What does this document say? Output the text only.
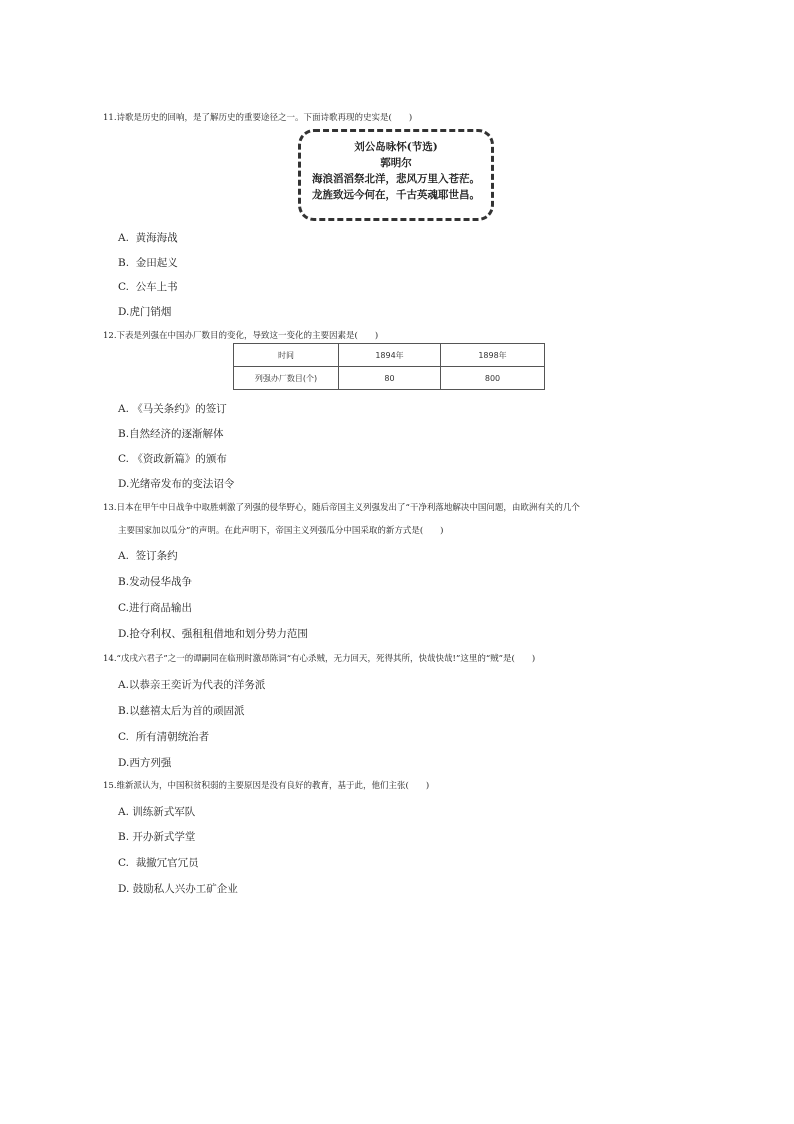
11.诗歌是历史的回响，是了解历史的重要途径之一。下面诗歌再现的史实是(　　)
刘公岛咏怀(节选)
郭明尔
海浪滔滔祭北洋，悲风万里入苍茫。
龙旌致远今何在，千古英魂耶世昌。
A. 黄海海战
B. 金田起义
C. 公车上书
D.虎门销烟
12.下表是列强在中国办厂数目的变化，导致这一变化的主要因素是(　　)
时间	1894年	1898年
列强办厂数目(个)	80	800
A. 《马关条约》的签订
B.自然经济的逐渐解体
C. 《资政新篇》的颁布
D.光绪帝发布的变法诏令
13.日本在甲午中日战争中取胜刺激了列强的侵华野心，随后帝国主义列强发出了“干净利落地解决中国问题，由欧洲有关的几个
主要国家加以瓜分”的声明。在此声明下，帝国主义列强瓜分中国采取的新方式是(　　)
A. 签订条约
B.发动侵华战争
C.进行商品输出
D.抢夺利权、强租租借地和划分势力范围
14.“戊戌六君子”之一的谭嗣同在临刑时激昂陈词“有心杀贼，无力回天，死得其所，快哉快哉!”这里的“贼”是(　　)
A.以恭亲王奕䜣为代表的洋务派
B.以慈禧太后为首的顽固派
C. 所有清朝统治者
D.西方列强
15.维新派认为，中国积贫积弱的主要原因是没有良好的教育，基于此，他们主张(　　)
A. 训练新式军队
B. 开办新式学堂
C. 裁撤冗官冗员
D. 鼓励私人兴办工矿企业
